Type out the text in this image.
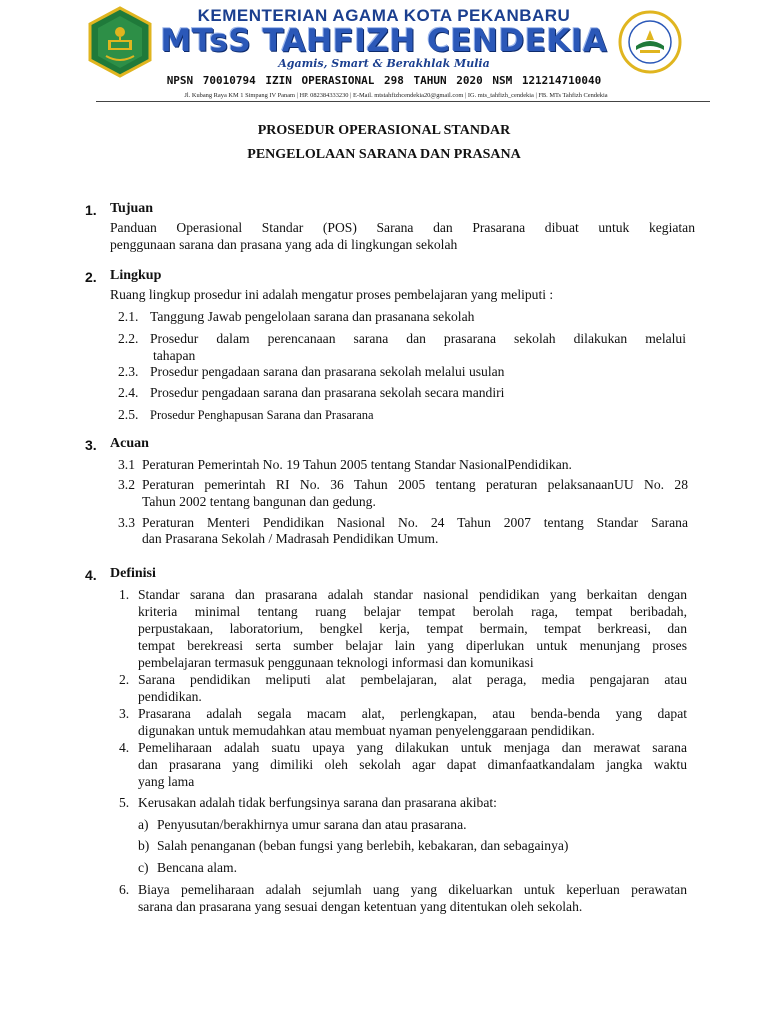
KEMENTERIAN AGAMA KOTA PEKANBARU
MTsS TAHFIZH CENDEKIA
Agamis, Smart & Berakhlak Mulia
NPSN 70010794 IZIN OPERASIONAL 298 TAHUN 2020 NSM 121214710040
Jl. Kubang Raya KM 1 Simpang IV Panam | HP. 082384333230 | E-Mail. mtstahfizhcendekia20@gmail.com | IG. mts_tahfizh_cendekia | FB. MTs Tahfizh Cendekia
PROSEDUR OPERASIONAL STANDAR
PENGELOLAAN SARANA DAN PRASANA
1. Tujuan
Panduan Operasional Standar (POS) Sarana dan Prasarana dibuat untuk kegiatan
penggunaan sarana dan prasana yang ada di lingkungan sekolah
2. Lingkup
Ruang lingkup prosedur ini adalah mengatur proses pembelajaran yang meliputi :
2.1. Tanggung Jawab pengelolaan sarana dan prasanana sekolah
2.2. Prosedur dalam perencanaan sarana dan prasarana sekolah dilakukan melalui
tahapan
2.3. Prosedur pengadaan sarana dan prasarana sekolah melalui usulan
2.4. Prosedur pengadaan sarana dan prasarana sekolah secara mandiri
2.5. Prosedur Penghapusan Sarana dan Prasarana
3. Acuan
3.1 Peraturan Pemerintah No. 19 Tahun 2005 tentang Standar NasionalPendidikan.
3.2 Peraturan pemerintah RI No. 36 Tahun 2005 tentang peraturan pelaksanaanUU No. 28
Tahun 2002 tentang bangunan dan gedung.
3.3 Peraturan Menteri Pendidikan Nasional No. 24 Tahun 2007 tentang Standar Sarana
dan Prasarana Sekolah / Madrasah Pendidikan Umum.
4. Definisi
1. Standar sarana dan prasarana adalah standar nasional pendidikan yang berkaitan dengan
kriteria minimal tentang ruang belajar tempat berolah raga, tempat beribadah,
perpustakaan, laboratorium, bengkel kerja, tempat bermain, tempat berkreasi, dan
tempat berekreasi serta sumber belajar lain yang diperlukan untuk menunjang proses
pembelajaran termasuk penggunaan teknologi informasi dan komunikasi
2. Sarana pendidikan meliputi alat pembelajaran, alat peraga, media pengajaran atau
pendidikan.
3. Prasarana adalah segala macam alat, perlengkapan, atau benda-benda yang dapat
digunakan untuk memudahkan atau membuat nyaman penyelenggaraan pendidikan.
4. Pemeliharaan adalah suatu upaya yang dilakukan untuk menjaga dan merawat sarana
dan prasarana yang dimiliki oleh sekolah agar dapat dimanfaatkandalam jangka waktu
yang lama
5. Kerusakan adalah tidak berfungsinya sarana dan prasarana akibat:
a) Penyusutan/berakhirnya umur sarana dan atau prasarana.
b) Salah penanganan (beban fungsi yang berlebih, kebakaran, dan sebagainya)
c) Bencana alam.
6. Biaya pemeliharaan adalah sejumlah uang yang dikeluarkan untuk keperluan perawatan
sarana dan prasarana yang sesuai dengan ketentuan yang ditentukan oleh sekolah.
